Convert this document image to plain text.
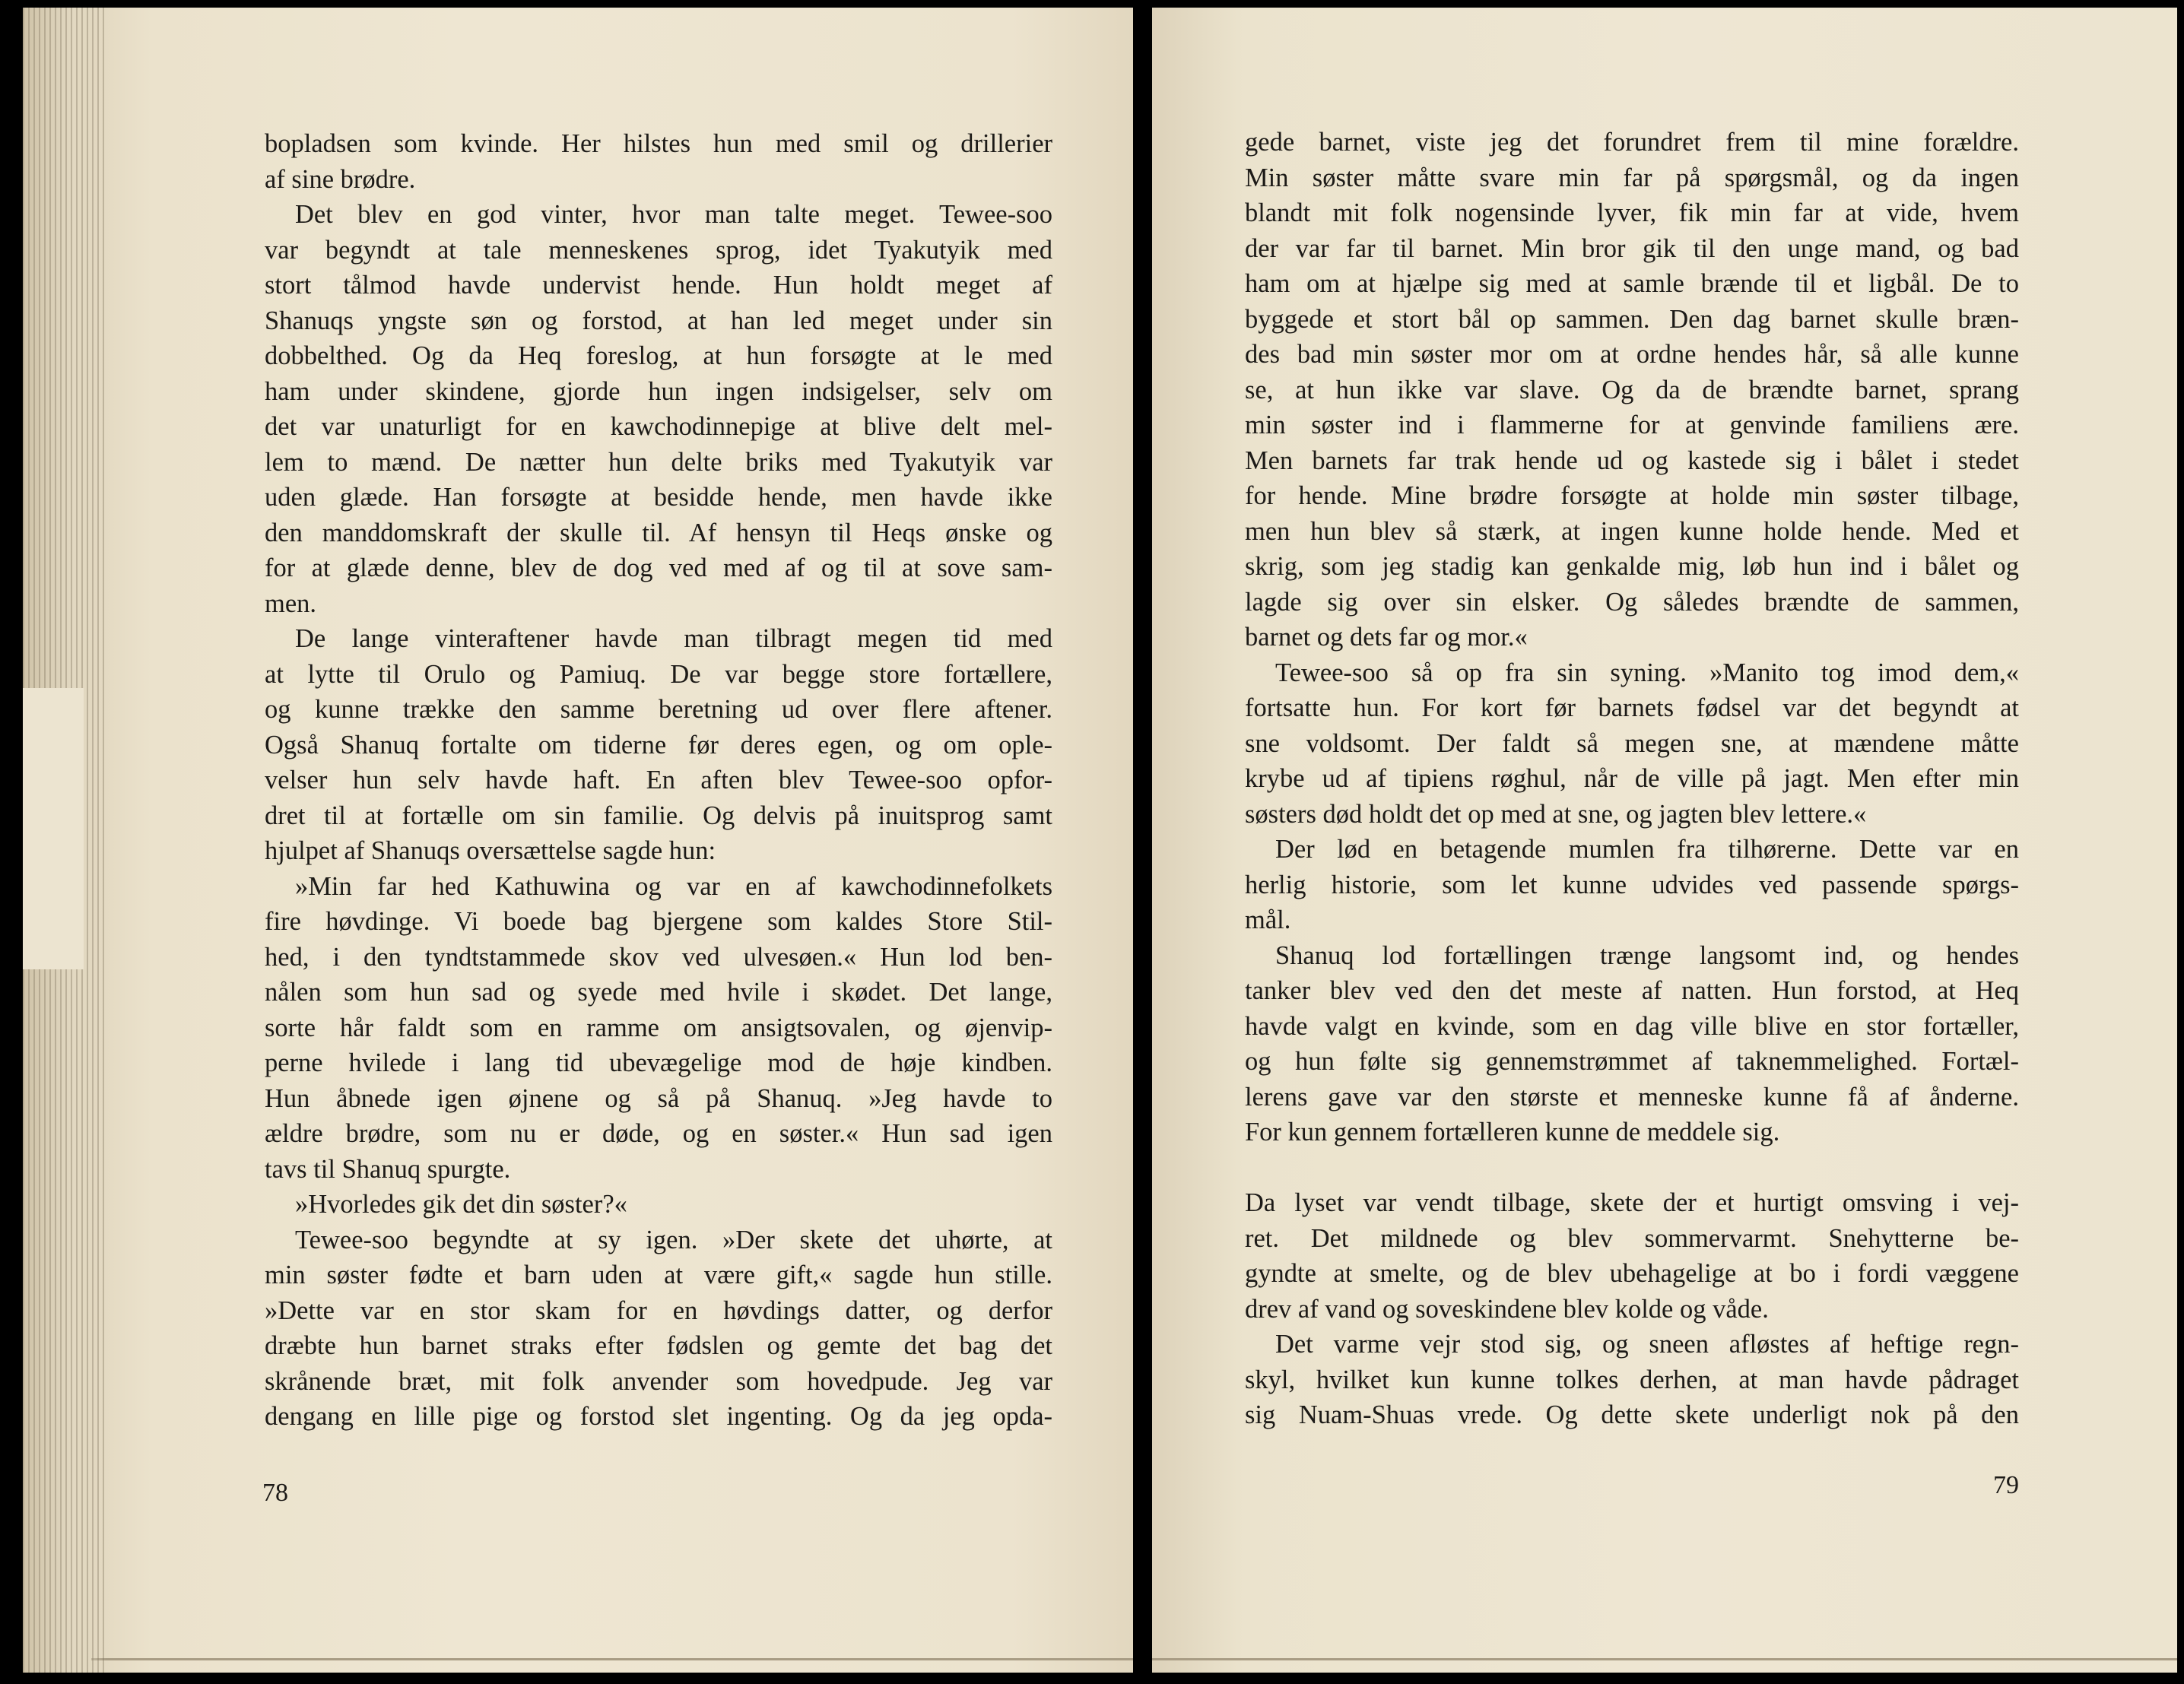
bopladsen som kvinde. Her hilstes hun med smil og drillerier
af sine brødre.
Det blev en god vinter, hvor man talte meget. Tewee-soo
var begyndt at tale menneskenes sprog, idet Tyakutyik med
stort tålmod havde undervist hende. Hun holdt meget af
Shanuqs yngste søn og forstod, at han led meget under sin
dobbelthed. Og da Heq foreslog, at hun forsøgte at le med
ham under skindene, gjorde hun ingen indsigelser, selv om
det var unaturligt for en kawchodinnepige at blive delt mel-
lem to mænd. De nætter hun delte briks med Tyakutyik var
uden glæde. Han forsøgte at besidde hende, men havde ikke
den manddomskraft der skulle til. Af hensyn til Heqs ønske og
for at glæde denne, blev de dog ved med af og til at sove sam-
men.
De lange vinteraftener havde man tilbragt megen tid med
at lytte til Orulo og Pamiuq. De var begge store fortællere,
og kunne trække den samme beretning ud over flere aftener.
Også Shanuq fortalte om tiderne før deres egen, og om ople-
velser hun selv havde haft. En aften blev Tewee-soo opfor-
dret til at fortælle om sin familie. Og delvis på inuitsprog samt
hjulpet af Shanuqs oversættelse sagde hun:
»Min far hed Kathuwina og var en af kawchodinnefolkets
fire høvdinge. Vi boede bag bjergene som kaldes Store Stil-
hed, i den tyndtstammede skov ved ulvesøen.« Hun lod ben-
nålen som hun sad og syede med hvile i skødet. Det lange,
sorte hår faldt som en ramme om ansigtsovalen, og øjenvip-
perne hvilede i lang tid ubevægelige mod de høje kindben.
Hun åbnede igen øjnene og så på Shanuq. »Jeg havde to
ældre brødre, som nu er døde, og en søster.« Hun sad igen
tavs til Shanuq spurgte.
»Hvorledes gik det din søster?«
Tewee-soo begyndte at sy igen. »Der skete det uhørte, at
min søster fødte et barn uden at være gift,« sagde hun stille.
»Dette var en stor skam for en høvdings datter, og derfor
dræbte hun barnet straks efter fødslen og gemte det bag det
skrånende bræt, mit folk anvender som hovedpude. Jeg var
dengang en lille pige og forstod slet ingenting. Og da jeg opda-
78
gede barnet, viste jeg det forundret frem til mine forældre.
Min søster måtte svare min far på spørgsmål, og da ingen
blandt mit folk nogensinde lyver, fik min far at vide, hvem
der var far til barnet. Min bror gik til den unge mand, og bad
ham om at hjælpe sig med at samle brænde til et ligbål. De to
byggede et stort bål op sammen. Den dag barnet skulle bræn-
des bad min søster mor om at ordne hendes hår, så alle kunne
se, at hun ikke var slave. Og da de brændte barnet, sprang
min søster ind i flammerne for at genvinde familiens ære.
Men barnets far trak hende ud og kastede sig i bålet i stedet
for hende. Mine brødre forsøgte at holde min søster tilbage,
men hun blev så stærk, at ingen kunne holde hende. Med et
skrig, som jeg stadig kan genkalde mig, løb hun ind i bålet og
lagde sig over sin elsker. Og således brændte de sammen,
barnet og dets far og mor.«
Tewee-soo så op fra sin syning. »Manito tog imod dem,«
fortsatte hun. For kort før barnets fødsel var det begyndt at
sne voldsomt. Der faldt så megen sne, at mændene måtte
krybe ud af tipiens røghul, når de ville på jagt. Men efter min
søsters død holdt det op med at sne, og jagten blev lettere.«
Der lød en betagende mumlen fra tilhørerne. Dette var en
herlig historie, som let kunne udvides ved passende spørgs-
mål.
Shanuq lod fortællingen trænge langsomt ind, og hendes
tanker blev ved den det meste af natten. Hun forstod, at Heq
havde valgt en kvinde, som en dag ville blive en stor fortæller,
og hun følte sig gennemstrømmet af taknemmelighed. Fortæl-
lerens gave var den største et menneske kunne få af ånderne.
For kun gennem fortælleren kunne de meddele sig.
Da lyset var vendt tilbage, skete der et hurtigt omsving i vej-
ret. Det mildnede og blev sommervarmt. Snehytterne be-
gyndte at smelte, og de blev ubehagelige at bo i fordi væggene
drev af vand og soveskindene blev kolde og våde.
Det varme vejr stod sig, og sneen afløstes af heftige regn-
skyl, hvilket kun kunne tolkes derhen, at man havde pådraget
sig Nuam-Shuas vrede. Og dette skete underligt nok på den
79
